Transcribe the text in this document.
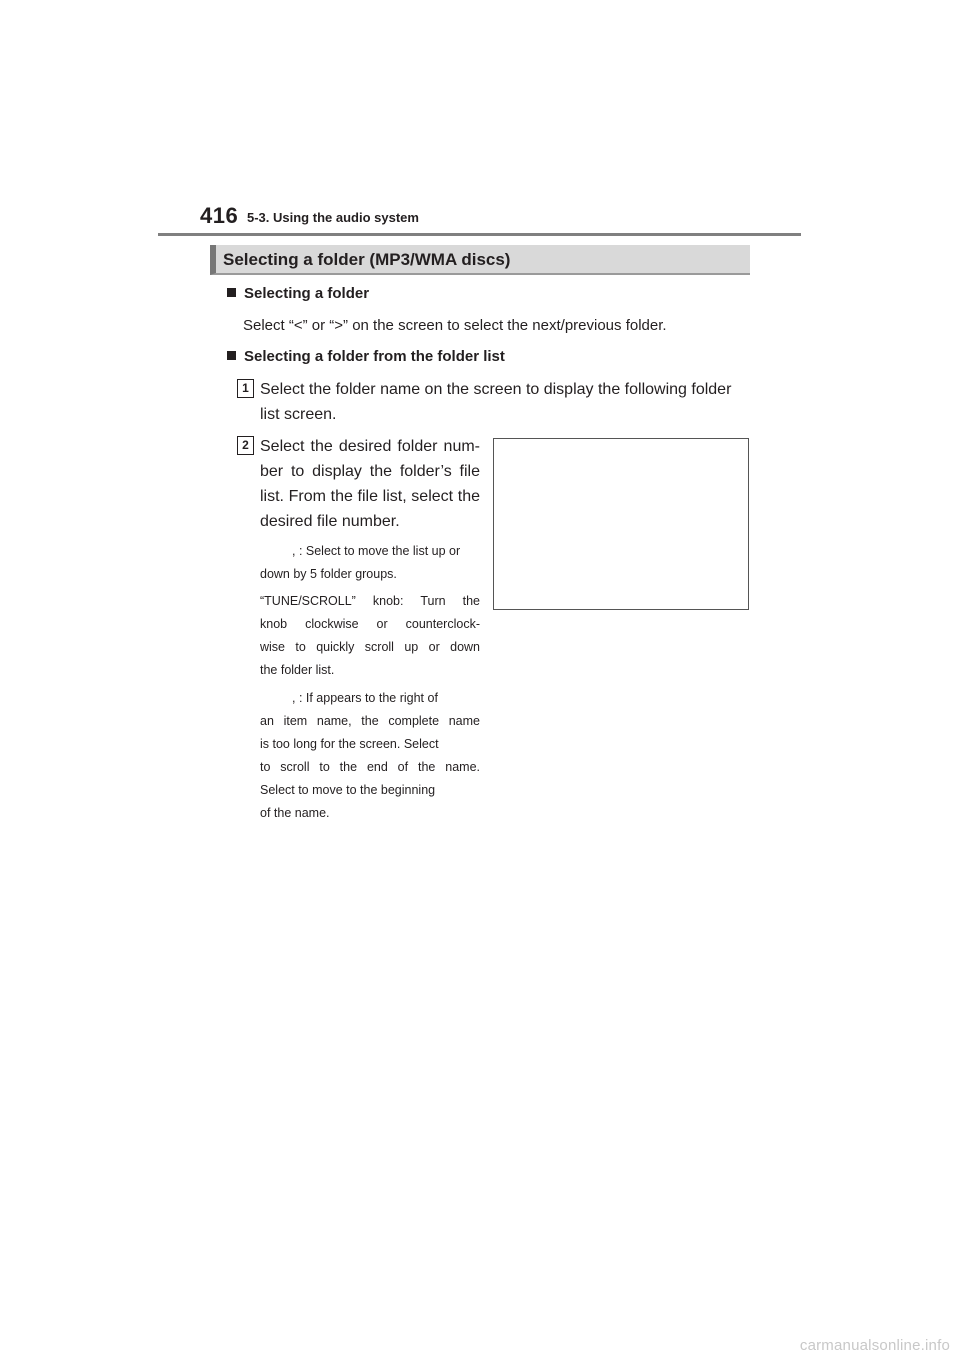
416 5-3. Using the audio system
Selecting a folder (MP3/WMA discs)
Selecting a folder
Select “<” or “>” on the screen to select the next/previous folder.
Selecting a folder from the folder list
1 Select the folder name on the screen to display the following folder
list screen.
2 Select the desired folder num-
ber to display the folder’s file
list. From the file list, select the
desired file number.
, : Select to move the list up or
down by 5 folder groups.
“TUNE/SCROLL” knob: Turn the
knob clockwise or counterclock-
wise to quickly scroll up or down
the folder list.
, : If appears to the right of
an item name, the complete name
is too long for the screen. Select
to scroll to the end of the name.
Select to move to the beginning
of the name.
carmanualsonline.info
